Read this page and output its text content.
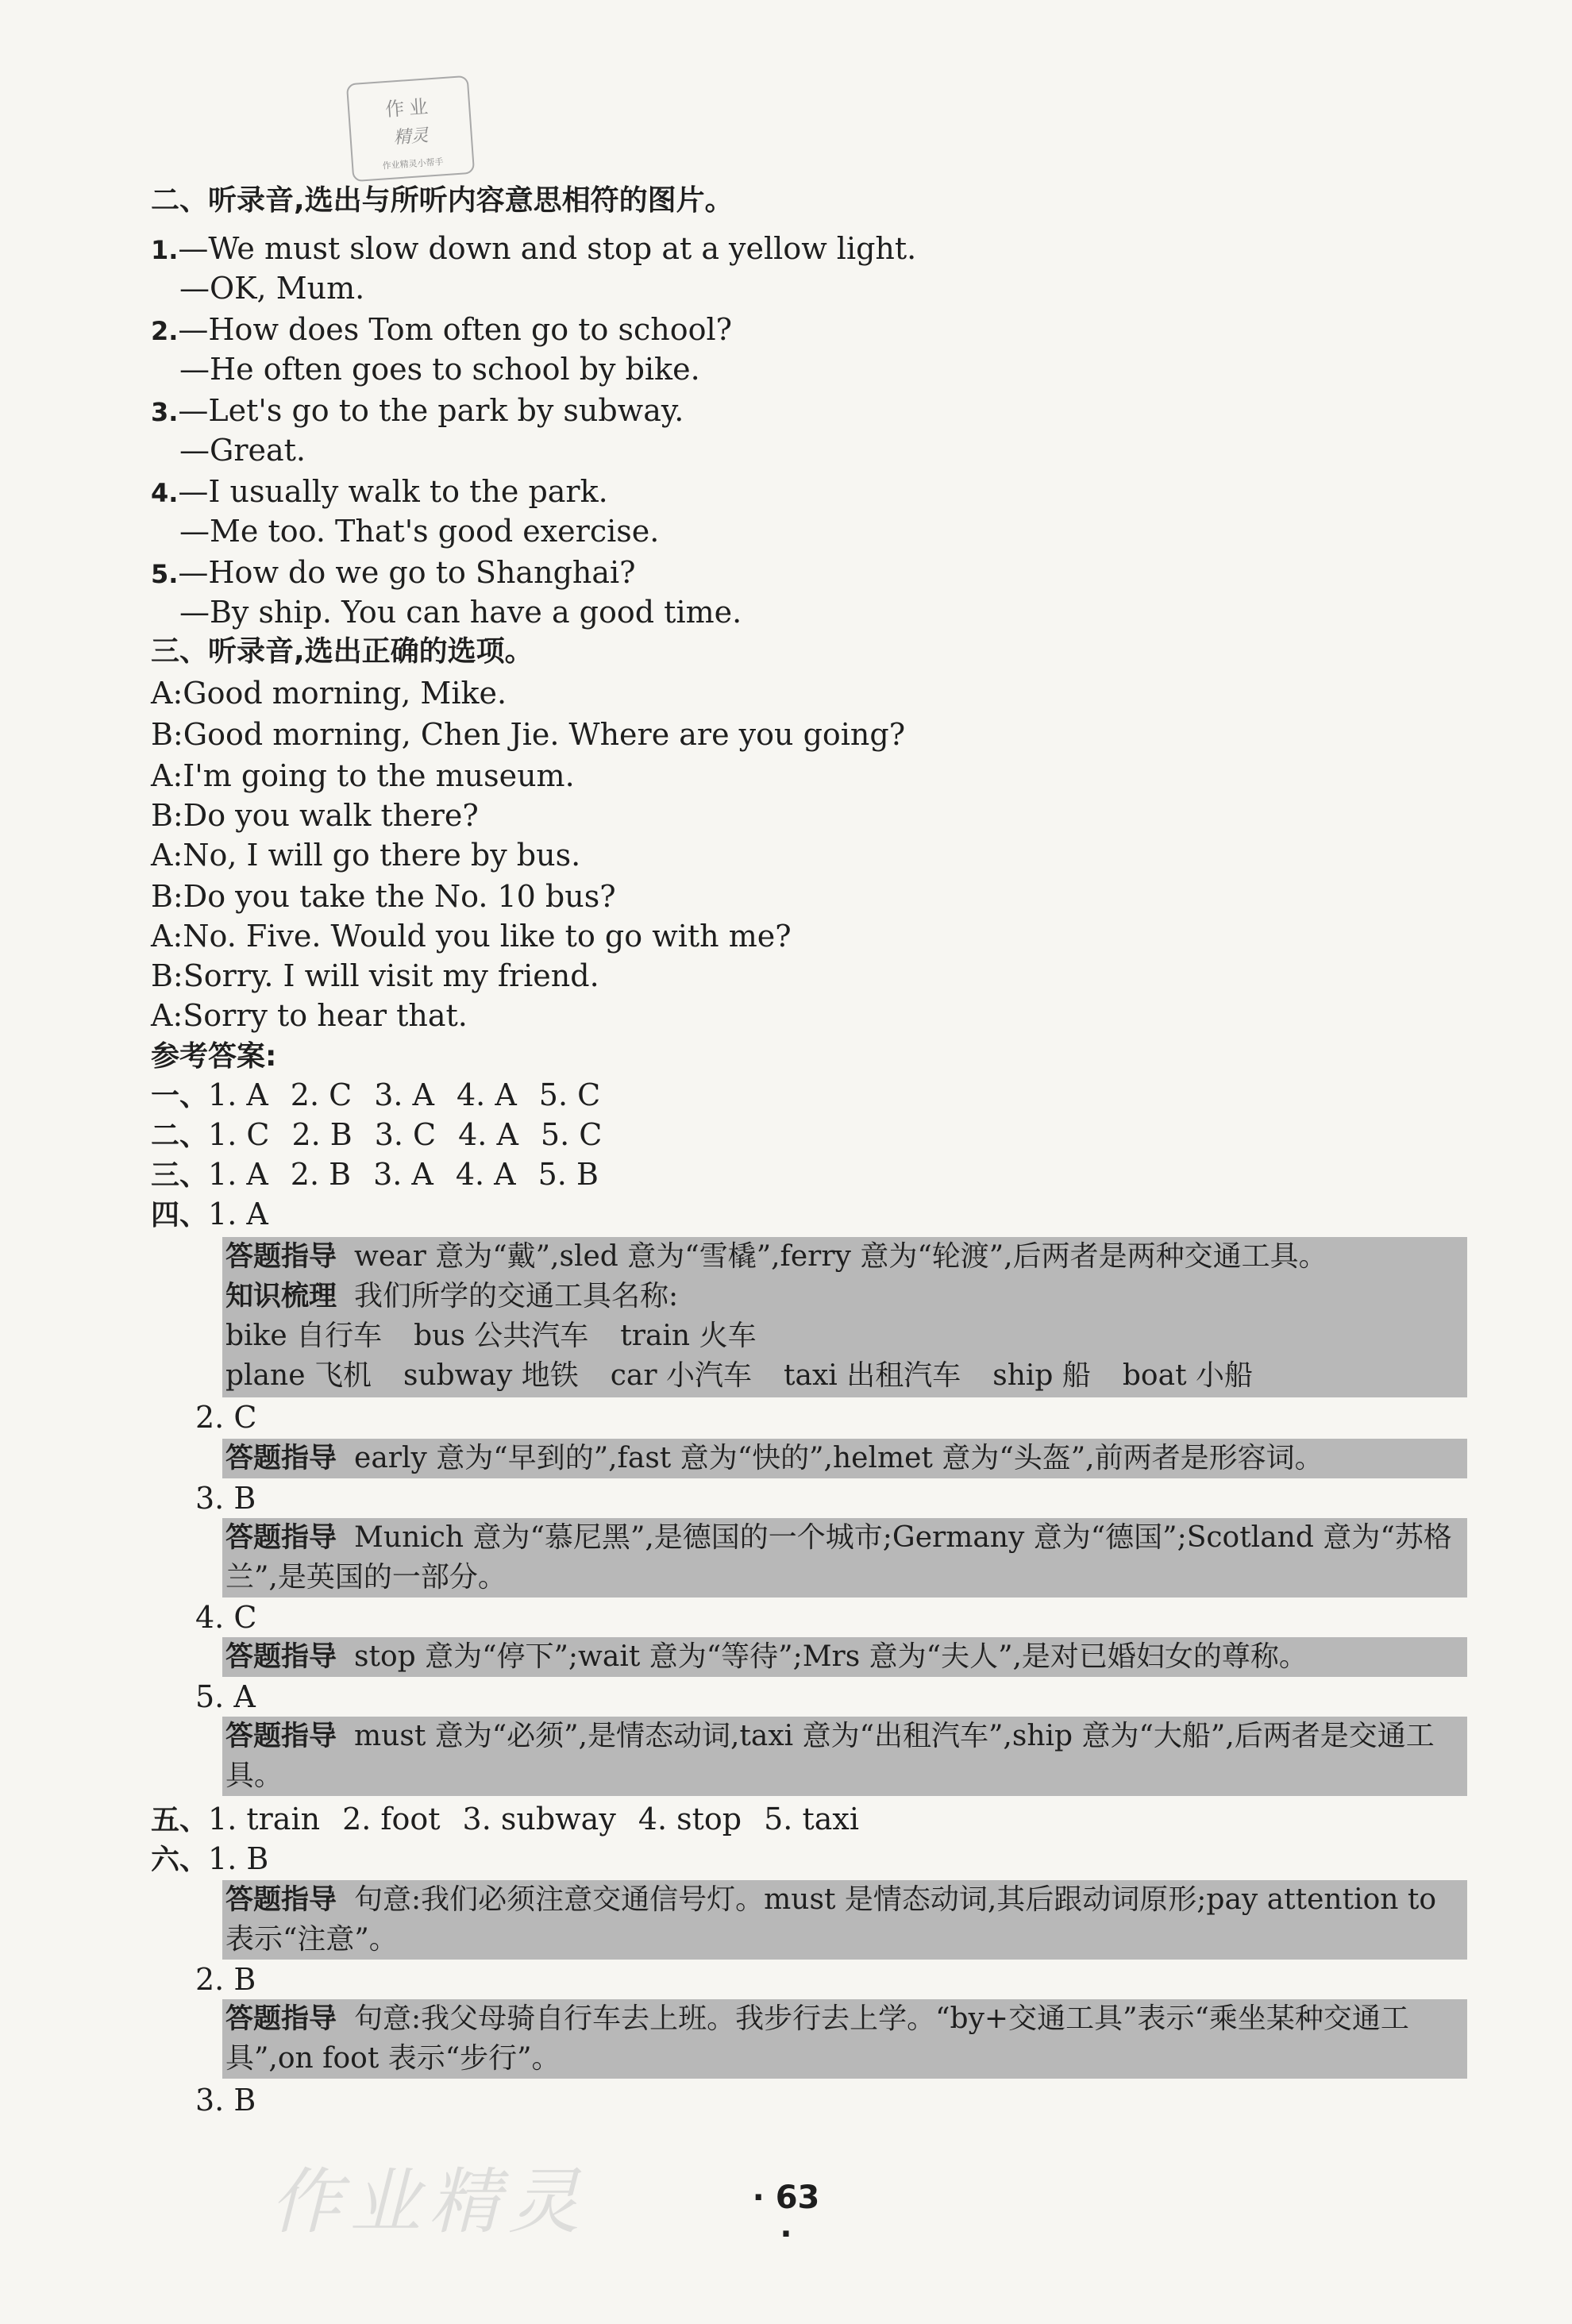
作业
精灵
作业精灵小帮手
二、听录音,选出与所听内容意思相符的图片。
1.—We must slow down and stop at a yellow light.
—OK, Mum.
2.—How does Tom often go to school?
—He often goes to school by bike.
3.—Let's go to the park by subway.
—Great.
4.—I usually walk to the park.
—Me too. That's good exercise.
5.—How do we go to Shanghai?
—By ship. You can have a good time.
三、听录音,选出正确的选项。
A:Good morning, Mike.
B:Good morning, Chen Jie. Where are you going?
A:I'm going to the museum.
B:Do you walk there?
A:No, I will go there by bus.
B:Do you take the No. 10 bus?
A:No. Five. Would you like to go with me?
B:Sorry. I will visit my friend.
A:Sorry to hear that.
参考答案:
一、1. A 2. C 3. A 4. A 5. C
二、1. C 2. B 3. C 4. A 5. C
三、1. A 2. B 3. A 4. A 5. B
四、1. A
答题指导 wear 意为“戴”,sled 意为“雪橇”,ferry 意为“轮渡”,后两者是两种交通工具。
知识梳理 我们所学的交通工具名称:
bike 自行车 bus 公共汽车 train 火车
plane 飞机 subway 地铁 car 小汽车 taxi 出租汽车 ship 船 boat 小船
2. C
答题指导 early 意为“早到的”,fast 意为“快的”,helmet 意为“头盔”,前两者是形容词。
3. B
答题指导 Munich 意为“慕尼黑”,是德国的一个城市;Germany 意为“德国”;Scotland 意为“苏格兰”,是英国的一部分。
4. C
答题指导 stop 意为“停下”;wait 意为“等待”;Mrs 意为“夫人”,是对已婚妇女的尊称。
5. A
答题指导 must 意为“必须”,是情态动词,taxi 意为“出租汽车”,ship 意为“大船”,后两者是交通工具。
五、1. train 2. foot 3. subway 4. stop 5. taxi
六、1. B
答题指导 句意:我们必须注意交通信号灯。must 是情态动词,其后跟动词原形;pay attention to 表示“注意”。
2. B
答题指导 句意:我父母骑自行车去上班。我步行去上学。“by+交通工具”表示“乘坐某种交通工具”,on foot 表示“步行”。
3. B
作业精灵	· 63 ·
